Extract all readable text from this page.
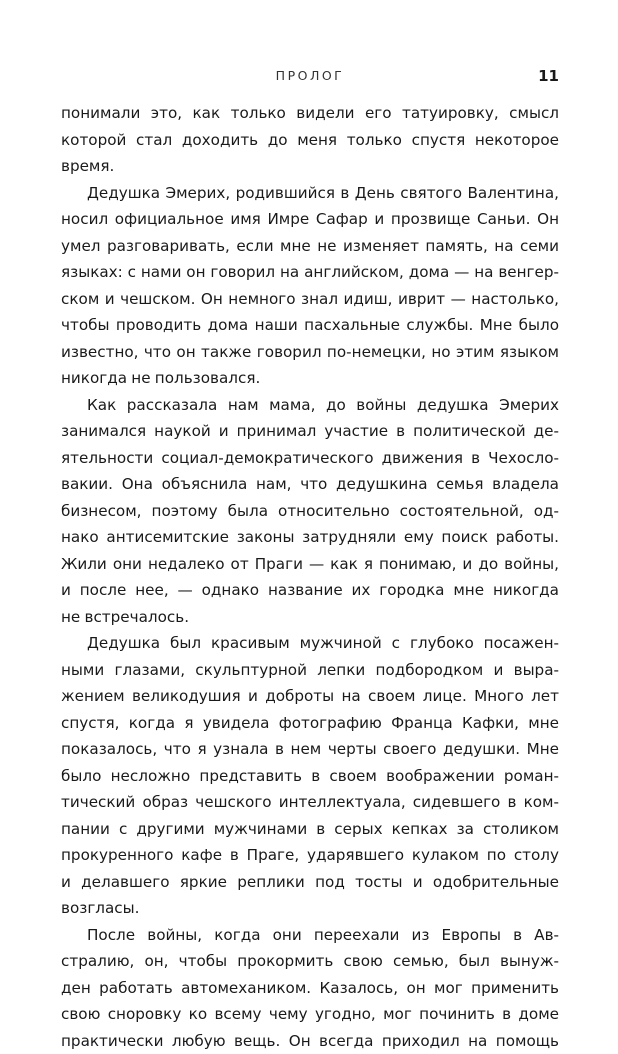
ПРОЛОГ	11
понимали это, как только видели его татуировку, смысл
которой стал доходить до меня только спустя некоторое
время.
Дедушка Эмерих, родившийся в День святого Валентина,
носил официальное имя Имре Сафар и прозвище Саньи. Он
умел разговаривать, если мне не изменяет память, на семи
языках: с нами он говорил на английском, дома — на венгер-
ском и чешском. Он немного знал идиш, иврит — настолько,
чтобы проводить дома наши пасхальные службы. Мне было
известно, что он также говорил по-немецки, но этим языком
никогда не пользовался.
Как рассказала нам мама, до войны дедушка Эмерих
занимался наукой и принимал участие в политической де-
ятельности социал-демократического движения в Чехосло-
вакии. Она объяснила нам, что дедушкина семья владела
бизнесом, поэтому была относительно состоятельной, од-
нако антисемитские законы затрудняли ему поиск работы.
Жили они недалеко от Праги — как я понимаю, и до войны,
и после нее, — однако название их городка мне никогда
не встречалось.
Дедушка был красивым мужчиной с глубоко посажен-
ными глазами, скульптурной лепки подбородком и выра-
жением великодушия и доброты на своем лице. Много лет
спустя, когда я увидела фотографию Франца Кафки, мне
показалось, что я узнала в нем черты своего дедушки. Мне
было несложно представить в своем воображении роман-
тический образ чешского интеллектуала, сидевшего в ком-
пании с другими мужчинами в серых кепках за столиком
прокуренного кафе в Праге, ударявшего кулаком по столу
и делавшего яркие реплики под тосты и одобрительные
возгласы.
После войны, когда они переехали из Европы в Ав-
стралию, он, чтобы прокормить свою семью, был вынуж-
ден работать автомехаником. Казалось, он мог применить
свою сноровку ко всему чему угодно, мог починить в доме
практически любую вещь. Он всегда приходил на помощь
